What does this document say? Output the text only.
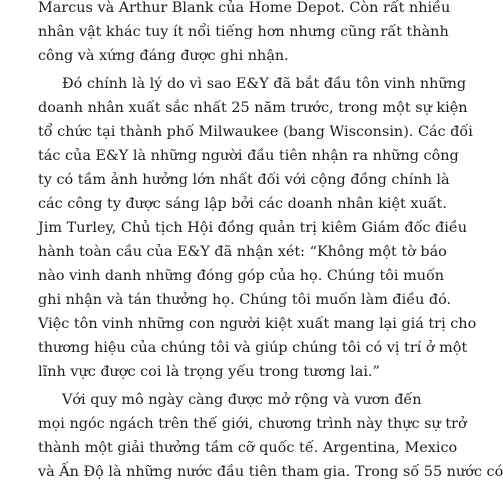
Marcus và Arthur Blank của Home Depot. Còn rất nhiều

nhân vật khác tuy ít nổi tiếng hơn nhưng cũng rất thành

công và xứng đáng được ghi nhận.

Đó chính là lý do vì sao E&Y đã bắt đầu tôn vinh những

doanh nhân xuất sắc nhất 25 năm trước, trong một sự kiện

tổ chức tại thành phố Milwaukee (bang Wisconsin). Các đối

tác của E&Y là những người đầu tiên nhận ra những công

ty có tầm ảnh hưởng lớn nhất đối với cộng đồng chính là

các công ty được sáng lập bởi các doanh nhân kiệt xuất.

Jim Turley, Chủ tịch Hội đồng quản trị kiêm Giám đốc điều

hành toàn cầu của E&Y đã nhận xét: “Không một tờ báo

nào vinh danh những đóng góp của họ. Chúng tôi muốn

ghi nhận và tán thưởng họ. Chúng tôi muốn làm điều đó.

Việc tôn vinh những con người kiệt xuất mang lại giá trị cho

thương hiệu của chúng tôi và giúp chúng tôi có vị trí ở một

lĩnh vực được coi là trọng yếu trong tương lai.”

Với quy mô ngày càng được mở rộng và vươn đến

mọi ngóc ngách trên thế giới, chương trình này thực sự trở

thành một giải thưởng tầm cỡ quốc tế. Argentina, Mexico

và Ấn Độ là những nước đầu tiên tham gia. Trong số 55 nước có
